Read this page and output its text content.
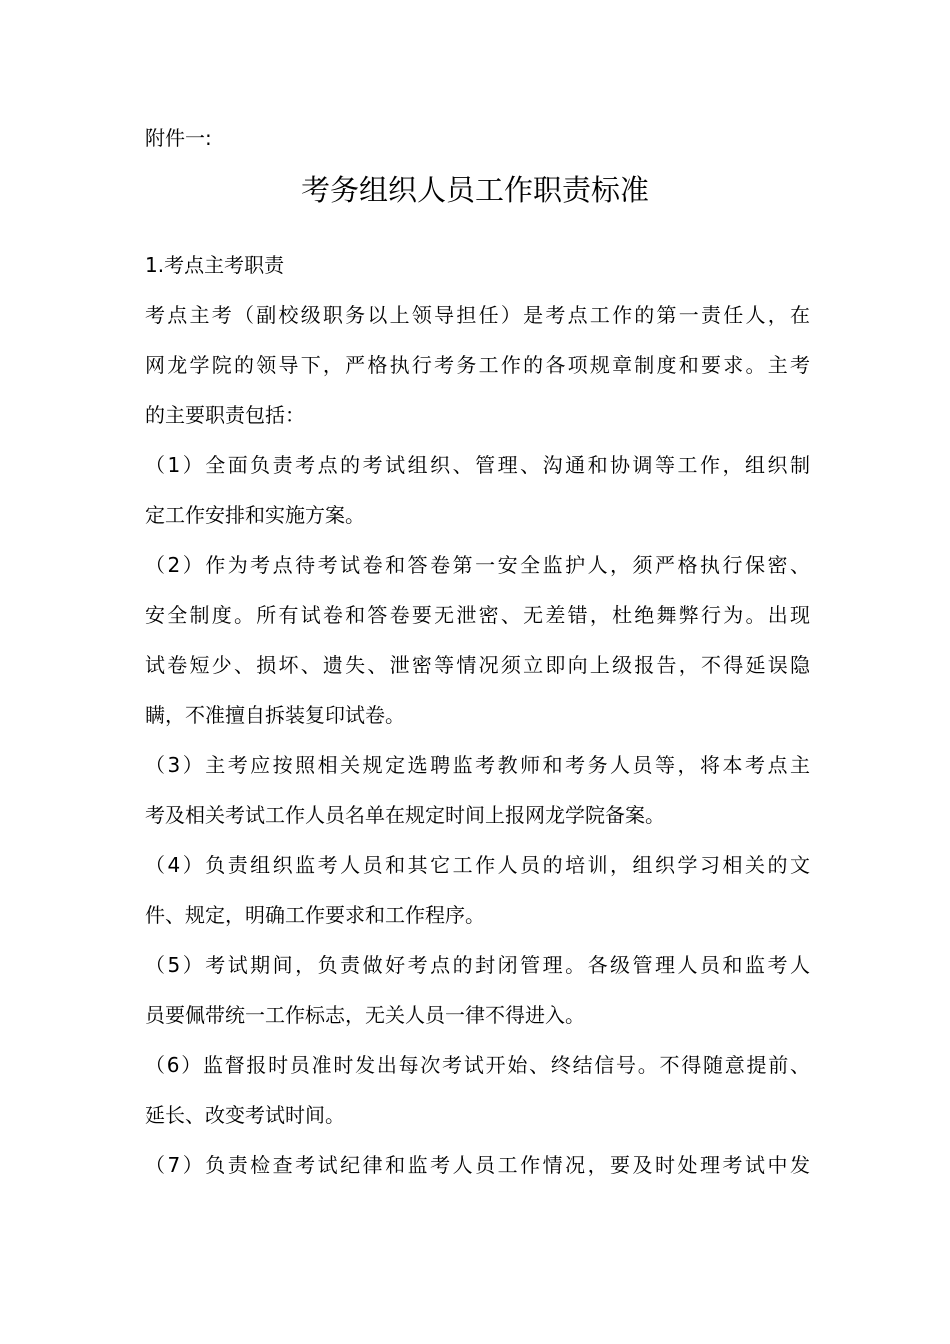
附件一:
考务组织人员工作职责标准

1.考点主考职责

考点主考（副校级职务以上领导担任）是考点工作的第一责任人，在
网龙学院的领导下，严格执行考务工作的各项规章制度和要求。主考
的主要职责包括：

（1）全面负责考点的考试组织、管理、沟通和协调等工作，组织制
定工作安排和实施方案。

（2）作为考点待考试卷和答卷第一安全监护人，须严格执行保密、
安全制度。所有试卷和答卷要无泄密、无差错，杜绝舞弊行为。出现
试卷短少、损坏、遗失、泄密等情况须立即向上级报告，不得延误隐
瞒，不准擅自拆装复印试卷。

（3）主考应按照相关规定选聘监考教师和考务人员等，将本考点主
考及相关考试工作人员名单在规定时间上报网龙学院备案。

（4）负责组织监考人员和其它工作人员的培训，组织学习相关的文
件、规定，明确工作要求和工作程序。

（5）考试期间，负责做好考点的封闭管理。各级管理人员和监考人
员要佩带统一工作标志，无关人员一律不得进入。

（6）监督报时员准时发出每次考试开始、终结信号。不得随意提前、
延长、改变考试时间。

（7）负责检查考试纪律和监考人员工作情况，要及时处理考试中发
